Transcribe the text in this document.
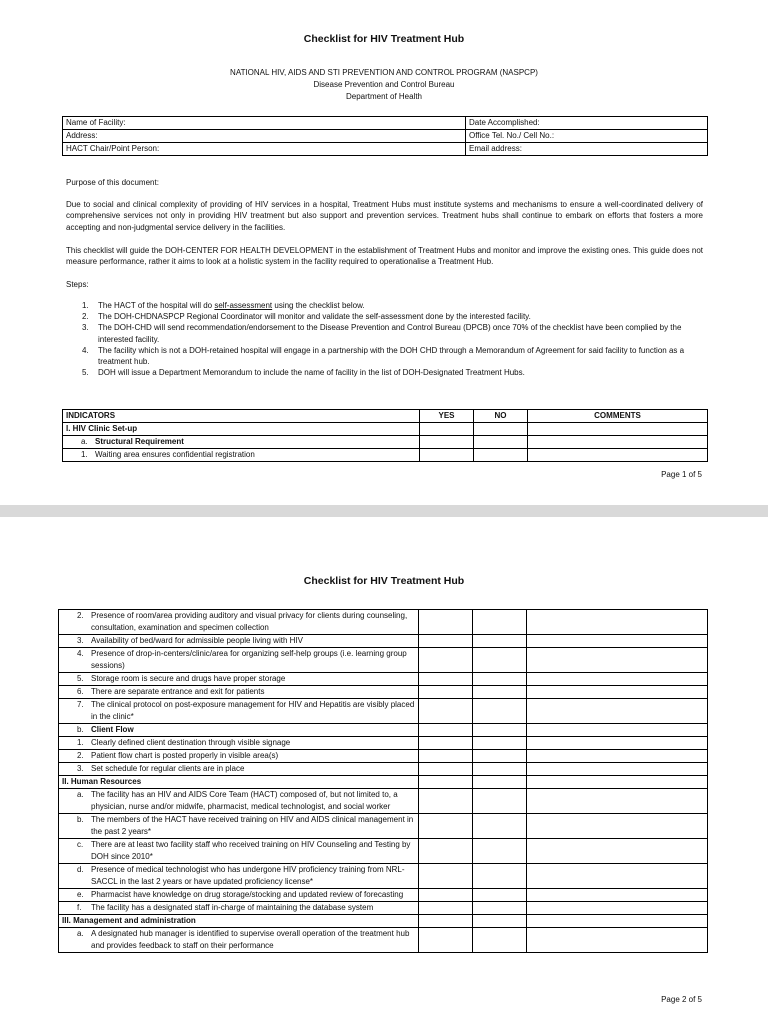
Checklist for HIV Treatment Hub
NATIONAL HIV, AIDS AND STI PREVENTION AND CONTROL PROGRAM (NASPCP)
Disease Prevention and Control Bureau
Department of Health
Name of Facility:	Date Accomplished:
Address:	Office Tel. No./ Cell No.:
HACT Chair/Point Person:	Email address:
Purpose of this document:
Due to social and clinical complexity of providing of HIV services in a hospital, Treatment Hubs must institute systems and mechanisms to ensure a well-coordinated delivery of comprehensive services not only in providing HIV treatment but also support and prevention services. Treatment hubs shall continue to embark on efforts that fosters a more accepting and non-judgmental service delivery in the facilities.
This checklist will guide the DOH-CENTER FOR HEALTH DEVELOPMENT in the establishment of Treatment Hubs and monitor and improve the existing ones. This guide does not measure performance, rather it aims to look at a holistic system in the facility required to operationalise a Treatment Hub.
Steps:
1. The HACT of the hospital will do self-assessment using the checklist below.
2. The DOH-CHDNASPCP Regional Coordinator will monitor and validate the self-assessment done by the interested facility.
3. The DOH-CHD will send recommendation/endorsement to the Disease Prevention and Control Bureau (DPCB) once 70% of the checklist have been complied by the interested facility.
4. The facility which is not a DOH-retained hospital will engage in a partnership with the DOH CHD through a Memorandum of Agreement for said facility to function as a treatment hub.
5. DOH will issue a Department Memorandum to include the name of facility in the list of DOH-Designated Treatment Hubs.
INDICATORS	YES	NO	COMMENTS
I. HIV Clinic Set-up			

a. Structural Requirement			

1. Waiting area ensures confidential registration			
Page 1 of 5
Checklist for HIV Treatment Hub
2. Presence of room/area providing auditory and visual privacy for clients during counseling, consultation, examination and specimen collection			

3. Availability of bed/ward for admissible people living with HIV			

4. Presence of drop-in-centers/clinic/area for organizing self-help groups (i.e. learning group sessions)			

5. Storage room is secure and drugs have proper storage			

6. There are separate entrance and exit for patients			

7. The clinical protocol on post-exposure management for HIV and Hepatitis are visibly placed in the clinic*			

b. Client Flow			

1. Clearly defined client destination through visible signage			

2. Patient flow chart is posted properly in visible area(s)			

3. Set schedule for regular clients are in place			
II. Human Resources			

a. The facility has an HIV and AIDS Core Team (HACT) composed of, but not limited to, a physician, nurse and/or midwife, pharmacist, medical technologist, and social worker			

b. The members of the HACT have received training on HIV and AIDS clinical management in the past 2 years*			

c. There are at least two facility staff who received training on HIV Counseling and Testing by DOH since 2010*			

d. Presence of medical technologist who has undergone HIV proficiency training from NRL-SACCL in the last 2 years or have updated proficiency license*			

e. Pharmacist have knowledge on drug storage/stocking and updated review of forecasting			

f. The facility has a designated staff in-charge of maintaining the database system			
III. Management and administration			

a. A designated hub manager is identified to supervise overall operation of the treatment hub and provides feedback to staff on their performance			
Page 2 of 5
